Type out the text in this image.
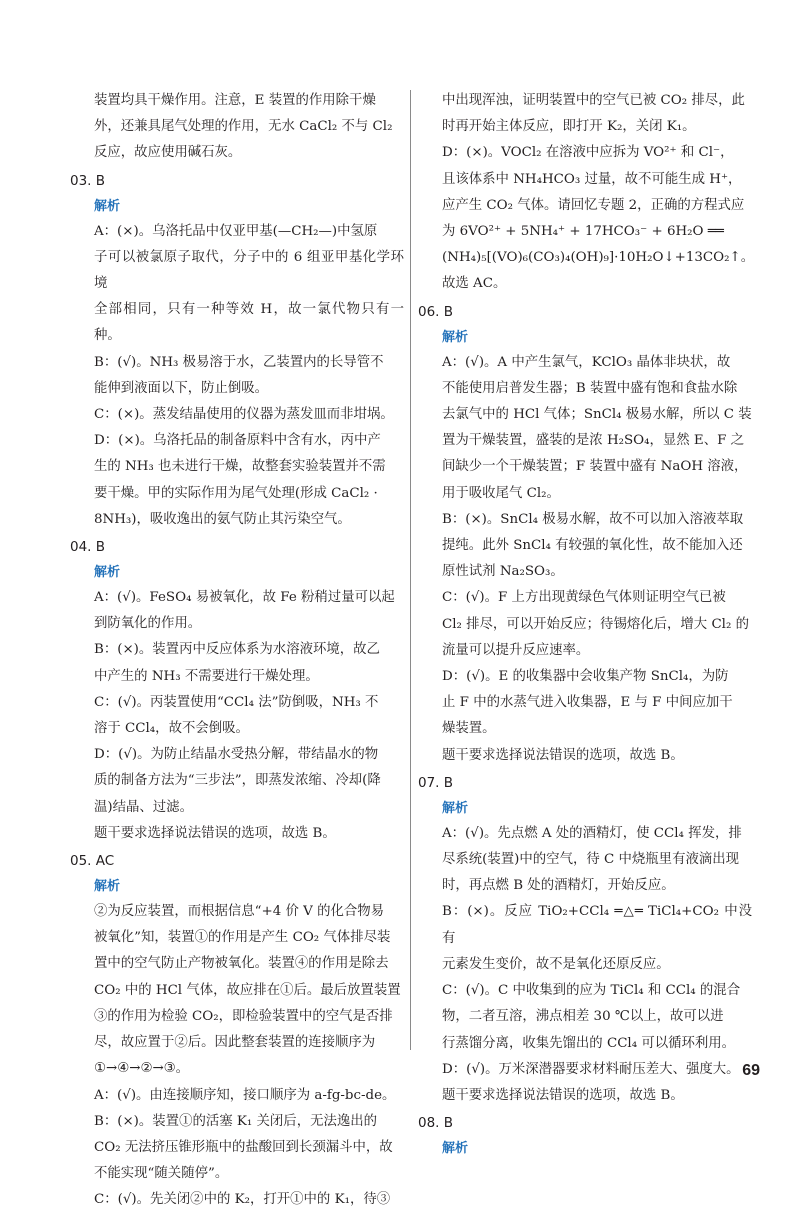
装置均具干燥作用。注意，E 装置的作用除干燥

外，还兼具尾气处理的作用，无水 CaCl₂ 不与 Cl₂

反应，故应使用碱石灰。

03. B

解析

A：(×)。乌洛托品中仅亚甲基(—CH₂—)中氢原

子可以被氯原子取代，分子中的 6 组亚甲基化学环境

全部相同，只有一种等效 H，故一氯代物只有一种。

B：(√)。NH₃ 极易溶于水，乙装置内的长导管不

能伸到液面以下，防止倒吸。

C：(×)。蒸发结晶使用的仪器为蒸发皿而非坩埚。

D：(×)。乌洛托品的制备原料中含有水，丙中产

生的 NH₃ 也未进行干燥，故整套实验装置并不需

要干燥。甲的实际作用为尾气处理(形成 CaCl₂ ·

8NH₃)，吸收逸出的氨气防止其污染空气。

04. B

解析

A：(√)。FeSO₄ 易被氧化，故 Fe 粉稍过量可以起

到防氧化的作用。

B：(×)。装置丙中反应体系为水溶液环境，故乙

中产生的 NH₃ 不需要进行干燥处理。

C：(√)。丙装置使用“CCl₄ 法”防倒吸，NH₃ 不

溶于 CCl₄，故不会倒吸。

D：(√)。为防止结晶水受热分解，带结晶水的物

质的制备方法为“三步法”，即蒸发浓缩、冷却(降

温)结晶、过滤。

题干要求选择说法错误的选项，故选 B。

05. AC

解析

②为反应装置，而根据信息“+4 价 V 的化合物易

被氧化”知，装置①的作用是产生 CO₂ 气体排尽装

置中的空气防止产物被氧化。装置④的作用是除去

CO₂ 中的 HCl 气体，故应排在①后。最后放置装置

③的作用为检验 CO₂，即检验装置中的空气是否排

尽，故应置于②后。因此整套装置的连接顺序为

①→④→②→③。

A：(√)。由连接顺序知，接口顺序为 a-fg-bc-de。

B：(×)。装置①的活塞 K₁ 关闭后，无法逸出的

CO₂ 无法挤压锥形瓶中的盐酸回到长颈漏斗中，故

不能实现“随关随停”。

C：(√)。先关闭②中的 K₂，打开①中的 K₁，待③

中出现浑浊，证明装置中的空气已被 CO₂ 排尽，此

时再开始主体反应，即打开 K₂，关闭 K₁。

D：(×)。VOCl₂ 在溶液中应拆为 VO²⁺ 和 Cl⁻，

且该体系中 NH₄HCO₃ 过量，故不可能生成 H⁺，

应产生 CO₂ 气体。请回忆专题 2，正确的方程式应

为 6VO²⁺ + 5NH₄⁺ + 17HCO₃⁻ + 6H₂O ══

(NH₄)₅[(VO)₆(CO₃)₄(OH)₉]·10H₂O↓+13CO₂↑。

故选 AC。

06. B

解析

A：(√)。A 中产生氯气，KClO₃ 晶体非块状，故

不能使用启普发生器；B 装置中盛有饱和食盐水除

去氯气中的 HCl 气体；SnCl₄ 极易水解，所以 C 装

置为干燥装置，盛装的是浓 H₂SO₄，显然 E、F 之

间缺少一个干燥装置；F 装置中盛有 NaOH 溶液，

用于吸收尾气 Cl₂。

B：(×)。SnCl₄ 极易水解，故不可以加入溶液萃取

提纯。此外 SnCl₄ 有较强的氧化性，故不能加入还

原性试剂 Na₂SO₃。

C：(√)。F 上方出现黄绿色气体则证明空气已被

Cl₂ 排尽，可以开始反应；待锡熔化后，增大 Cl₂ 的

流量可以提升反应速率。

D：(√)。E 的收集器中会收集产物 SnCl₄，为防

止 F 中的水蒸气进入收集器，E 与 F 中间应加干

燥装置。

题干要求选择说法错误的选项，故选 B。

07. B

解析

A：(√)。先点燃 A 处的酒精灯，使 CCl₄ 挥发，排

尽系统(装置)中的空气，待 C 中烧瓶里有液滴出现

时，再点燃 B 处的酒精灯，开始反应。

B：(×)。反应 TiO₂+CCl₄ ═△═ TiCl₄+CO₂ 中没有

元素发生变价，故不是氧化还原反应。

C：(√)。C 中收集到的应为 TiCl₄ 和 CCl₄ 的混合

物，二者互溶，沸点相差 30 ℃以上，故可以进

行蒸馏分离，收集先馏出的 CCl₄ 可以循环利用。

D：(√)。万米深潜器要求材料耐压差大、强度大。

题干要求选择说法错误的选项，故选 B。

08. B

解析

69
